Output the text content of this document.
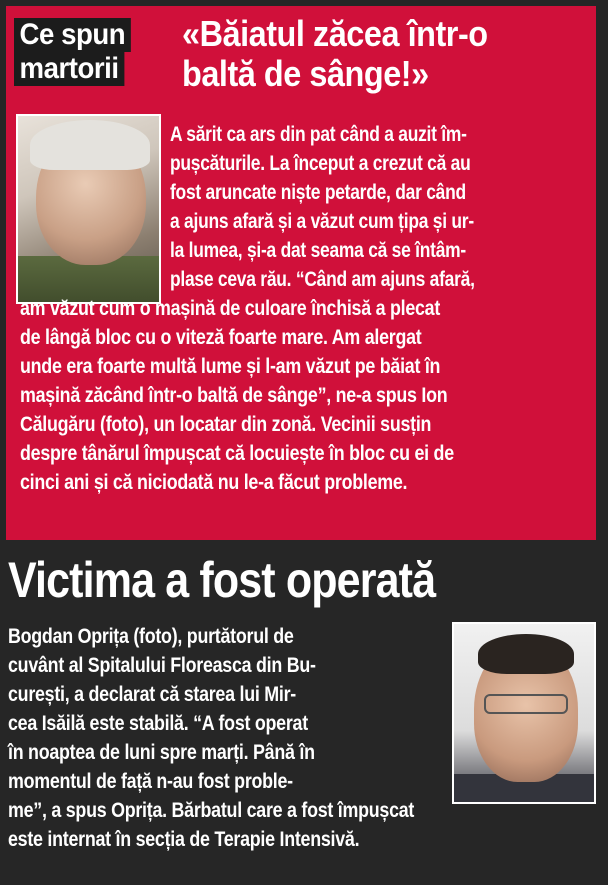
Ce spun
martorii
«Băiatul zăcea într-o
baltă de sânge!»
A sărit ca ars din pat când a auzit îm-
pușcăturile. La început a crezut că au
fost aruncate niște petarde, dar când
a ajuns afară și a văzut cum țipa și ur-
la lumea, și-a dat seama că se întâm-
plase ceva rău. “Când am ajuns afară,
am văzut cum o mașină de culoare închisă a plecat
de lângă bloc cu o viteză foarte mare. Am alergat
unde era foarte multă lume și l-am văzut pe băiat în
mașină zăcând într-o baltă de sânge”, ne-a spus Ion
Călugăru (foto), un locatar din zonă. Vecinii susțin
despre tânărul împușcat că locuiește în bloc cu ei de
cinci ani și că niciodată nu le-a făcut probleme.
Victima a fost operată
Bogdan Oprița (foto), purtătorul de
cuvânt al Spitalului Floreasca din Bu-
curești, a declarat că starea lui Mir-
cea Isăilă este stabilă. “A fost operat
în noaptea de luni spre marți. Până în
momentul de față n-au fost proble-
me”, a spus Oprița. Bărbatul care a fost împușcat
este internat în secția de Terapie Intensivă.
